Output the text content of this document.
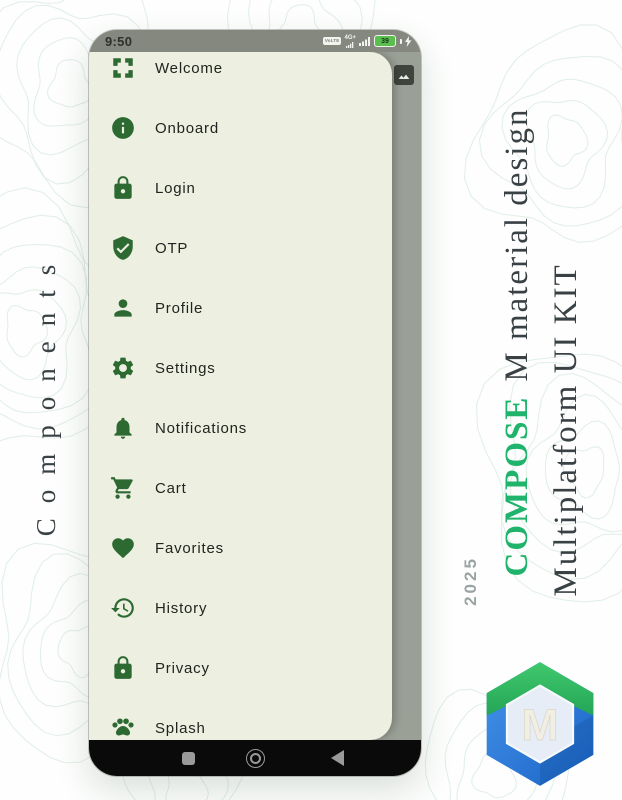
Components	COMPOSEM material design
Multiplatform UI KIT
2025
M
9:50	VoLTE 4G+	39
Welcome
Onboard
Login
OTP
Profile
Settings
Notifications
Cart
Favorites
History
Privacy
Splash
